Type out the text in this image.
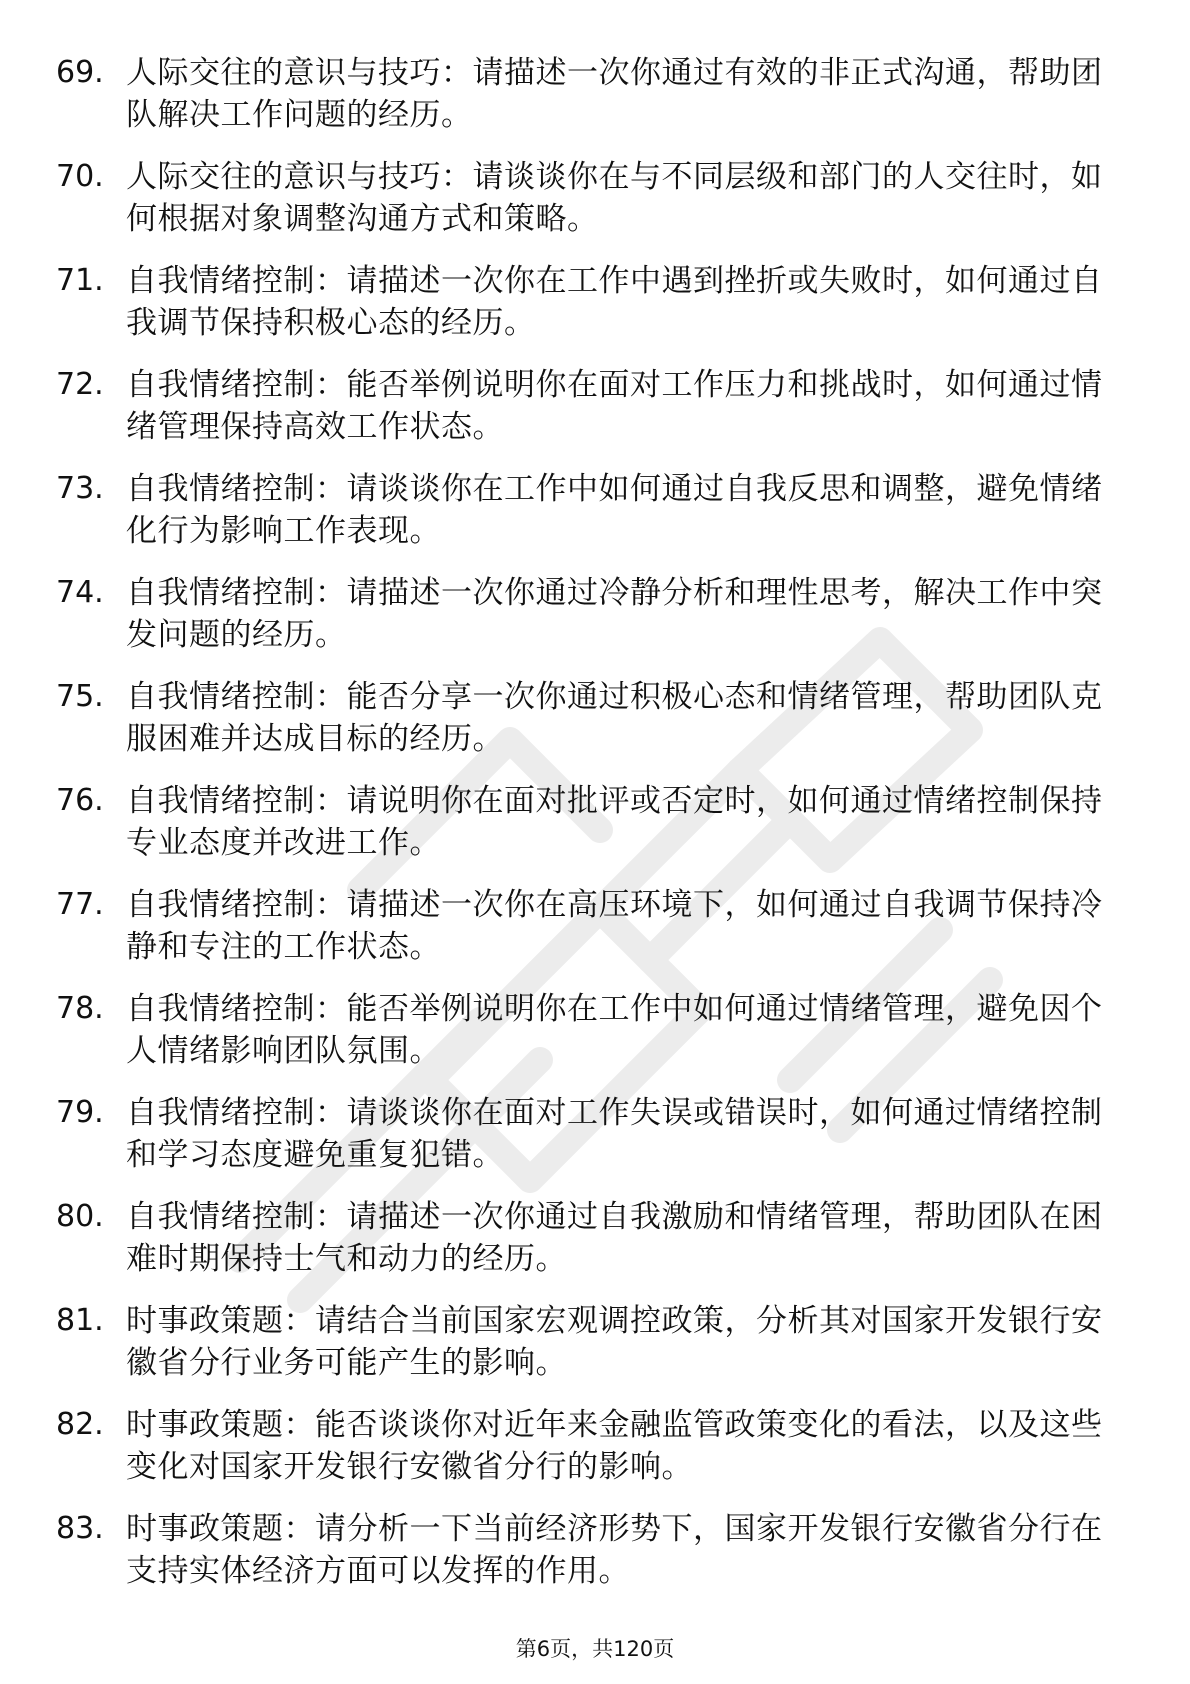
69. 人际交往的意识与技巧：请描述一次你通过有效的非正式沟通，帮助团队解决工作问题的经历。
70. 人际交往的意识与技巧：请谈谈你在与不同层级和部门的人交往时，如何根据对象调整沟通方式和策略。
71. 自我情绪控制：请描述一次你在工作中遇到挫折或失败时，如何通过自我调节保持积极心态的经历。
72. 自我情绪控制：能否举例说明你在面对工作压力和挑战时，如何通过情绪管理保持高效工作状态。
73. 自我情绪控制：请谈谈你在工作中如何通过自我反思和调整，避免情绪化行为影响工作表现。
74. 自我情绪控制：请描述一次你通过冷静分析和理性思考，解决工作中突发问题的经历。
75. 自我情绪控制：能否分享一次你通过积极心态和情绪管理，帮助团队克服困难并达成目标的经历。
76. 自我情绪控制：请说明你在面对批评或否定时，如何通过情绪控制保持专业态度并改进工作。
77. 自我情绪控制：请描述一次你在高压环境下，如何通过自我调节保持冷静和专注的工作状态。
78. 自我情绪控制：能否举例说明你在工作中如何通过情绪管理，避免因个人情绪影响团队氛围。
79. 自我情绪控制：请谈谈你在面对工作失误或错误时，如何通过情绪控制和学习态度避免重复犯错。
80. 自我情绪控制：请描述一次你通过自我激励和情绪管理，帮助团队在困难时期保持士气和动力的经历。
81. 时事政策题：请结合当前国家宏观调控政策，分析其对国家开发银行安徽省分行业务可能产生的影响。
82. 时事政策题：能否谈谈你对近年来金融监管政策变化的看法，以及这些变化对国家开发银行安徽省分行的影响。
83. 时事政策题：请分析一下当前经济形势下，国家开发银行安徽省分行在支持实体经济方面可以发挥的作用。
第6页，共120页
